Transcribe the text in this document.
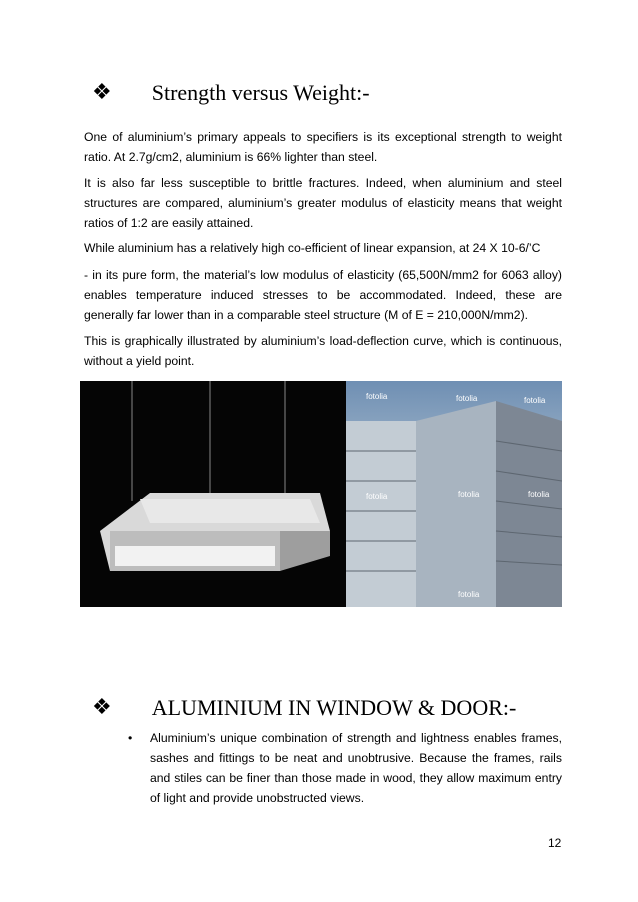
❖ Strength versus Weight:-

One of aluminium’s primary appeals to specifiers is its exceptional strength to weight ratio. At 2.7g/cm2, aluminium is 66% lighter than steel.

It is also far less susceptible to brittle fractures. Indeed, when aluminium and steel structures are compared, aluminium’s greater modulus of elasticity means that weight ratios of 1:2 are easily attained.

While aluminium has a relatively high co-efficient of linear expansion, at 24 X 10-6/’C

- in its pure form, the material’s low modulus of elasticity (65,500N/mm2 for 6063 alloy) enables temperature induced stresses to be accommodated. Indeed, these are generally far lower than in a comparable steel structure (M of E = 210,000N/mm2).

This is graphically illustrated by aluminium’s load-deflection curve, which is continuous, without a yield point.

fotolia	fotolia	fotolia
fotolia	fotolia	fotolia
fotolia
❖ ALUMINIUM IN WINDOW & DOOR:-
• Aluminium’s unique combination of strength and lightness enables frames, sashes and fittings to be neat and unobtrusive. Because the frames, rails and stiles can be finer than those made in wood, they allow maximum entry of light and provide unobstructed views.
12
